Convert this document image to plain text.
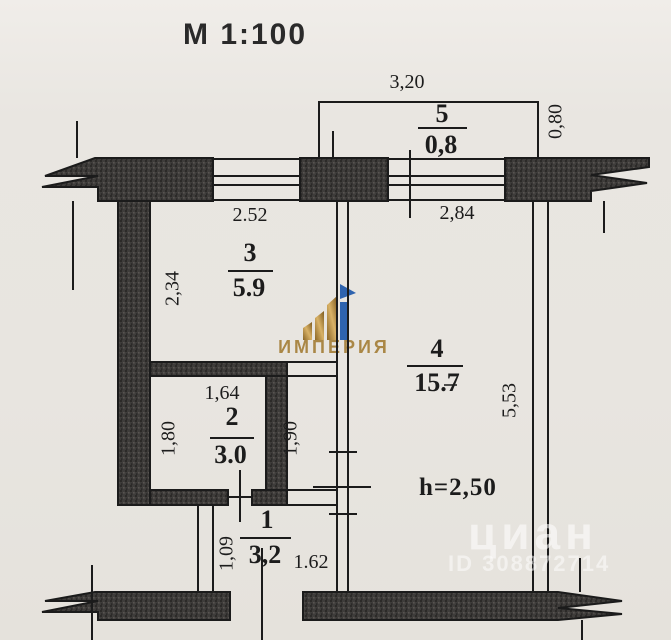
М 1:100
ИМПЕРИЯ
3,20
0,80
5
0,8
2.52	2,84
3
5.9
2,34
4
15.7
5,53
h=2,50
1,64
2
3.0
1,80	1,90
1
3,2 1.62
1,09	циан
ID 308872714
